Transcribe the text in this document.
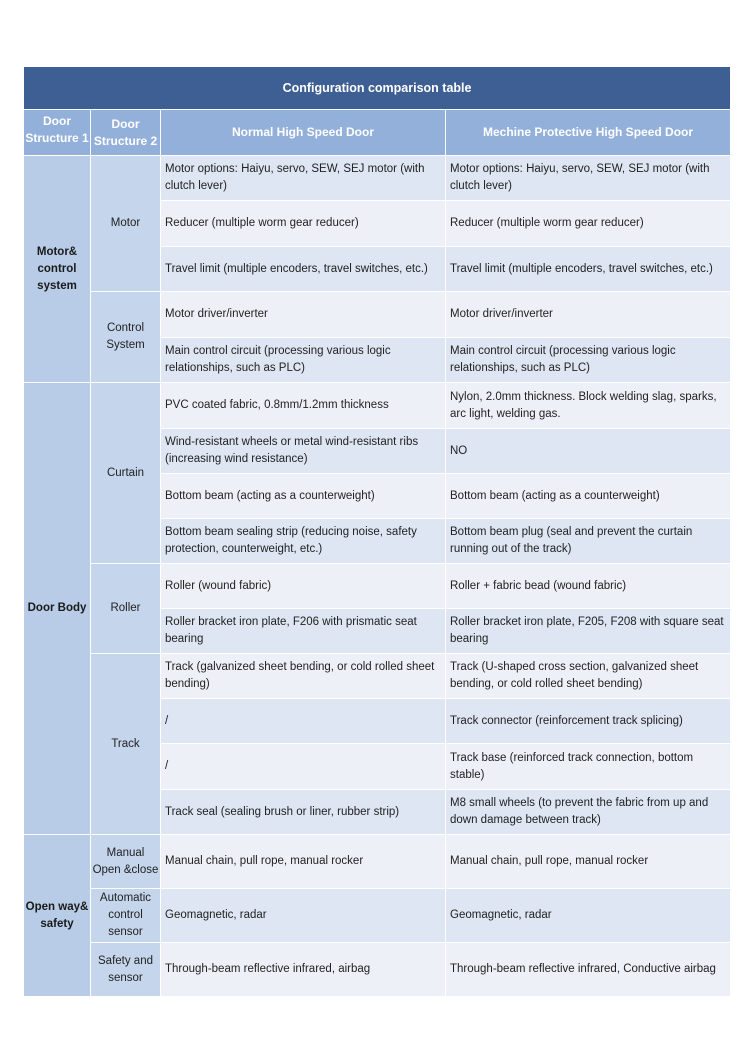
Configuration comparison table			

Door Structure 1	Door Structure 2	Normal High Speed Door	Mechine Protective High Speed Door
Motor& control system	Motor	Motor options: Haiyu, servo, SEW, SEJ motor (with clutch lever)	Motor options: Haiyu, servo, SEW, SEJ motor (with clutch lever)
		Reducer (multiple worm gear reducer)	Reducer (multiple worm gear reducer)
		Travel limit (multiple encoders, travel switches, etc.)	Travel limit (multiple encoders, travel switches, etc.)
	Control System	Motor driver/inverter	Motor driver/inverter
		Main control circuit (processing various logic relationships, such as PLC)	Main control circuit (processing various logic relationships, such as PLC)
Door Body	Curtain	PVC coated fabric, 0.8mm/1.2mm thickness	Nylon, 2.0mm thickness. Block welding slag, sparks, arc light, welding gas.
		Wind-resistant wheels or metal wind-resistant ribs (increasing wind resistance)	NO
		Bottom beam (acting as a counterweight)	Bottom beam (acting as a counterweight)
		Bottom beam sealing strip (reducing noise, safety protection, counterweight, etc.)	Bottom beam plug (seal and prevent the curtain running out of the track)
	Roller	Roller (wound fabric)	Roller + fabric bead (wound fabric)
		Roller bracket iron plate, F206 with prismatic seat bearing	Roller bracket iron plate, F205, F208 with square seat bearing
	Track	Track (galvanized sheet bending, or cold rolled sheet bending)	Track (U-shaped cross section, galvanized sheet bending, or cold rolled sheet bending)
		/	Track connector (reinforcement track splicing)
		/	Track base (reinforced track connection, bottom stable)
		Track seal (sealing brush or liner, rubber strip)	M8 small wheels (to prevent the fabric from up and down damage between track)
Open way& safety	Manual Open &close	Manual chain, pull rope, manual rocker	Manual chain, pull rope, manual rocker
	Automatic control sensor	Geomagnetic, radar	Geomagnetic, radar
	Safety and sensor	Through-beam reflective infrared, airbag	Through-beam reflective infrared, Conductive airbag
